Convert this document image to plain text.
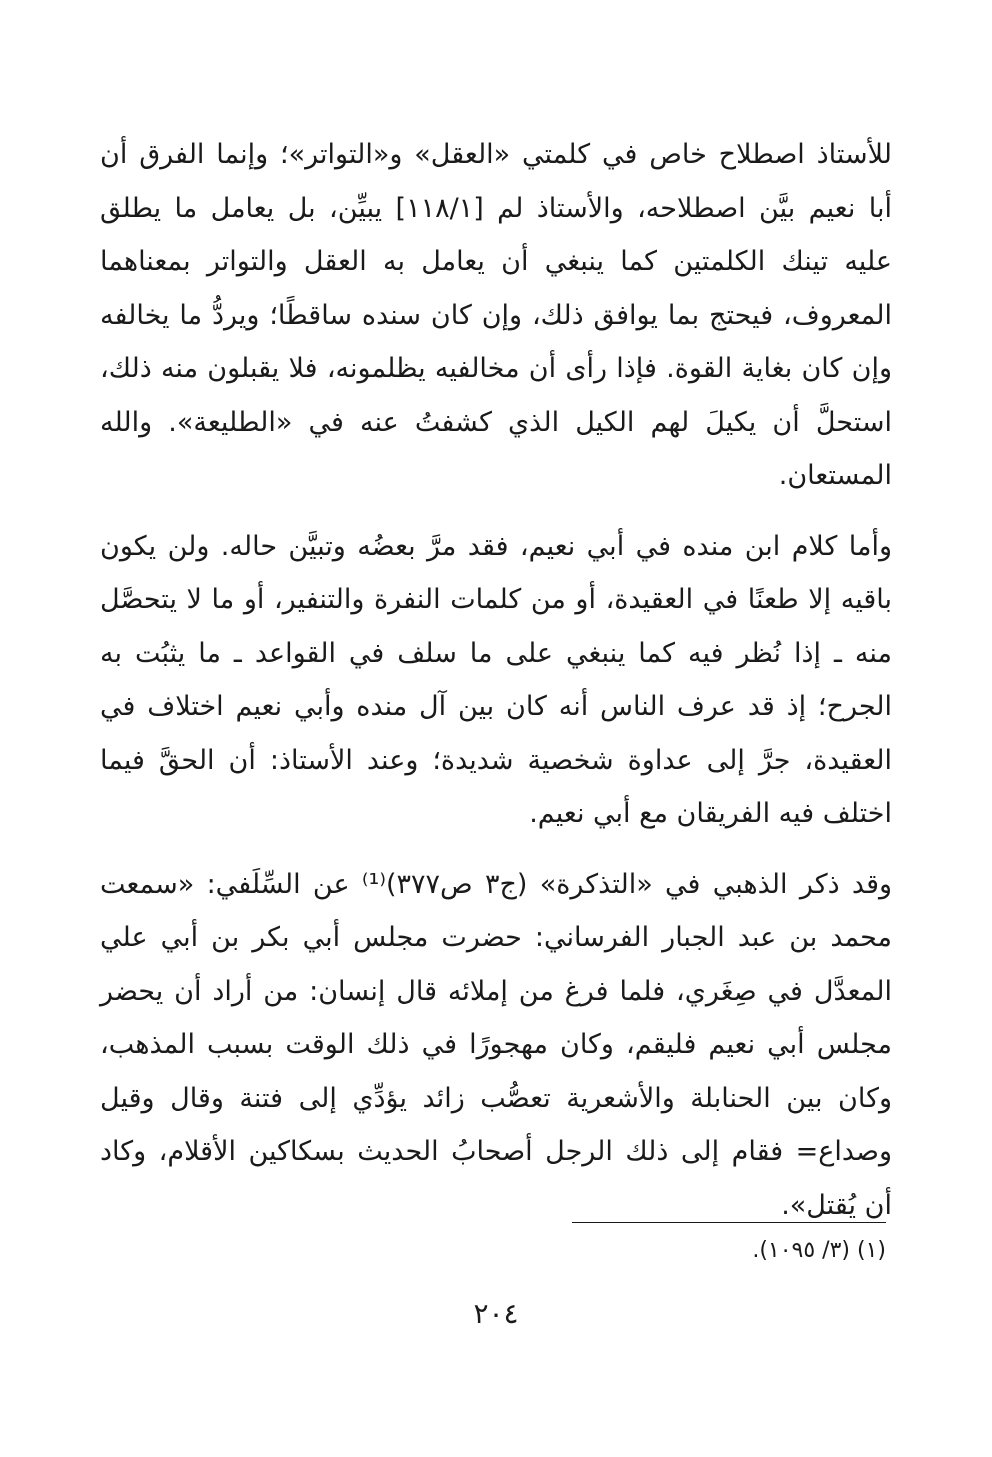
للأستاذ اصطلاح خاص في كلمتي «العقل» و«التواتر»؛ وإنما الفرق أن أبا نعيم بيَّن اصطلاحه، والأستاذ لم [١١٨/١] يبيِّن، بل يعامل ما يطلق عليه تينك الكلمتين كما ينبغي أن يعامل به العقل والتواتر بمعناهما المعروف، فيحتج بما يوافق ذلك، وإن كان سنده ساقطًا؛ ويردُّ ما يخالفه وإن كان بغاية القوة. فإذا رأى أن مخالفيه يظلمونه، فلا يقبلون منه ذلك، استحلَّ أن يكيلَ لهم الكيل الذي كشفتُ عنه في «الطليعة». والله المستعان.

وأما كلام ابن منده في أبي نعيم، فقد مرَّ بعضُه وتبيَّن حاله. ولن يكون باقيه إلا طعنًا في العقيدة، أو من كلمات النفرة والتنفير، أو ما لا يتحصَّل منه ـ إذا نُظر فيه كما ينبغي على ما سلف في القواعد ـ ما يثبُت به الجرح؛ إذ قد عرف الناس أنه كان بين آل منده وأبي نعيم اختلاف في العقيدة، جرَّ إلى عداوة شخصية شديدة؛ وعند الأستاذ: أن الحقَّ فيما اختلف فيه الفريقان مع أبي نعيم.

وقد ذكر الذهبي في «التذكرة» (ج٣ ص٣٧٧)⁽¹⁾ عن السِّلَفي: «سمعت محمد بن عبد الجبار الفرساني: حضرت مجلس أبي بكر بن أبي علي المعدَّل في صِغَري، فلما فرغ من إملائه قال إنسان: من أراد أن يحضر مجلس أبي نعيم فليقم، وكان مهجورًا في ذلك الوقت بسبب المذهب، وكان بين الحنابلة والأشعرية تعصُّب زائد يؤدِّي إلى فتنة وقال وقيل وصداع= فقام إلى ذلك الرجل أصحابُ الحديث بسكاكين الأقلام، وكاد أن يُقتل».

(١) (٣/ ١٠٩٥).
٢٠٤
